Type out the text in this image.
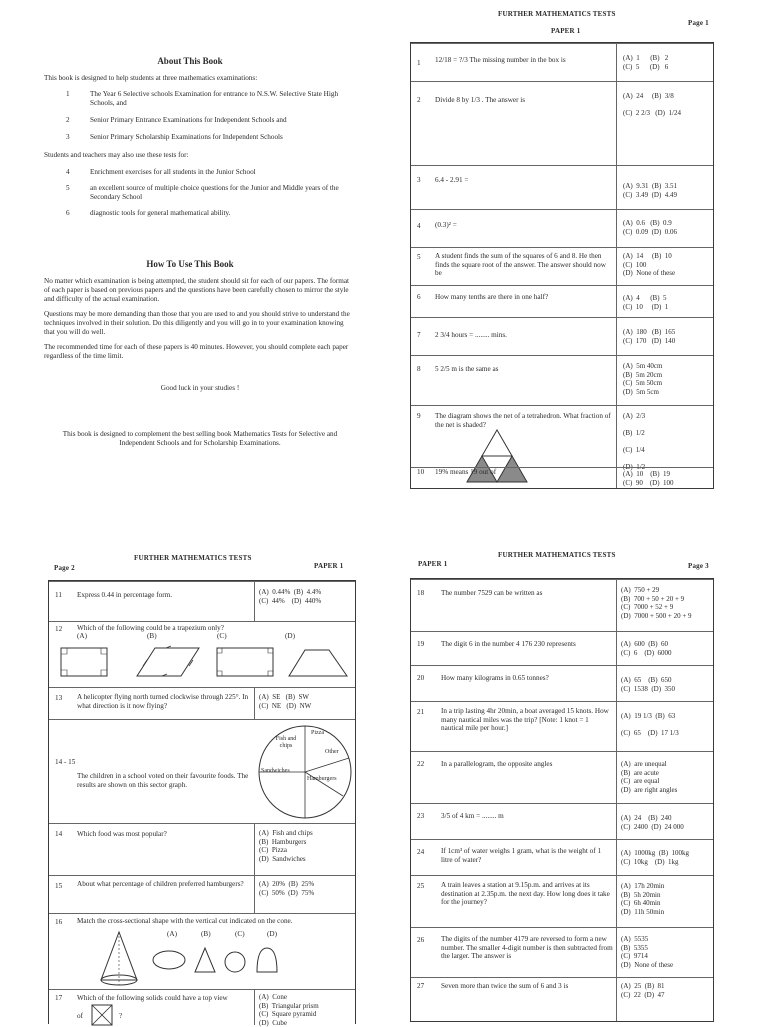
About This Book
This book is designed to help students at three mathematics examinations:
1	The Year 6 Selective schools Examination for entrance to N.S.W. Selective State High Schools, and
2	Senior Primary Entrance Examinations for Independent Schools and
3	Senior Primary Scholarship Examinations for Independent Schools
Students and teachers may also use these tests for:
4	Enrichment exercises for all students in the Junior School
5	an excellent source of multiple choice questions for the Junior and Middle years of the Secondary School
6	diagnostic tools for general mathematical ability.
How To Use This Book
No matter which examination is being attempted, the student should sit for each of our papers. The format of each paper is based on previous papers and the questions have been carefully chosen to mirror the style and difficulty of the actual examination.
Questions may be more demanding than those that you are used to and you should strive to understand the techniques involved in their solution. Do this diligently and you will go in to your examination knowing that you will do well.
The recommended time for each of these papers is 40 minutes. However, you should complete each paper regardless of the time limit.
Good luck in your studies !
This book is designed to complement the best selling book Mathematics Tests for Selective and Independent Schools and for Scholarship Examinations.
FURTHER MATHEMATICS TESTS
Page 1
PAPER 1
1 12/18 = ?/3 The missing number in the box is	(A)  1      (B)   2
(C)  5      (D)   6
2 Divide 8 by 1/3 . The answer is	(A)  24     (B)  3/8

(C)  2 2/3   (D)  1/24
3 6.4 - 2.91 =
(A)  9.31  (B)  3.51
(C)  3.49  (D)  4.49
4 (0.3)² =	(A)  0.6   (B)  0.9
(C)  0.09  (D)  0.06
5 A student finds the sum of the squares of 6 and 8. He then finds the square root of the answer. The answer should now be
(A)  14     (B)  10
(C)  100
(D)  None of these
6 How many tenths are there in one half?	(A)  4      (B)  5
(C)  10     (D)  1
7 2 3/4 hours = ........ mins.	(A)  180   (B)  165
(C)  170   (D)  140
8 5 2/5 m is the same as	(A)  5m 40cm
(B)  5m 20cm
(C)  5m 50cm
(D)  5m 5cm
9 The diagram shows the net of a tetrahedron. What fraction of the net is shaded?
(A)  2/3

(B)  1/2

(C)  1/4

(D)  1/2
10 19% means 19 out of	(A)  10    (B)  19
(C)  90    (D)  100
Page 2
FURTHER MATHEMATICS TESTS
PAPER 1
11 Express 0.44 in percentage form.	(A)  0.44%  (B)  4.4%
(C)  44%    (D)  440%
12 Which of the following could be a trapezium only?
(A)	(B)	(C)	(D)
13 A helicopter flying north turned clockwise through 225°. In what direction is it now flying?
(A)  SE   (B)  SW
(C)  NE   (D)  NW
14 - 15
The children in a school voted on their favourite foods. The results are shown on this sector graph.
Pizza
Other
Hamburgers
Sandwiches
Fish and chips
14 Which food was most popular?	(A)  Fish and chips
(B)  Hamburgers
(C)  Pizza
(D)  Sandwiches
15 About what percentage of children preferred hamburgers?	(A)  20%  (B)  25%
(C)  50%  (D)  75%
16 Match the cross-sectional shape with the vertical cut indicated on the cone.
(A)	(B)	(C)	(D)
17 Which of the following solids could have a top view
of	?
(A)  Cone
(B)  Triangular prism
(C)  Square pyramid
(D)  Cube
PAPER 1
FURTHER MATHEMATICS TESTS
Page 3
18 The number 7529 can be written as	(A)  750 + 29
(B)  700 + 50 + 20 + 9
(C)  7000 + 52 + 9
(D)  7000 + 500 + 20 + 9
19 The digit 6 in the number 4 176 230 represents	(A)  600  (B)  60
(C)  6    (D)  6000
20 How many kilograms in 0.65 tonnes?	(A)  65    (B)  650
(C)  1538  (D)  350
21 In a trip lasting 4hr 20min, a boat averaged 15 knots. How many nautical miles was the trip? [Note: 1 knot = 1 nautical mile per hour.]
(A)  19 1/3  (B)  63

(C)  65    (D)  17 1/3
22 In a parallelogram, the opposite angles	(A)  are unequal
(B)  are acute
(C)  are equal
(D)  are right angles
23 3/5 of 4 km = ........ m	(A)  24    (B)  240
(C)  2400  (D)  24 000
24 If 1cm³ of water weighs 1 gram, what is the weight of 1 litre of water?
(A)  1000kg  (B)  100kg
(C)  10kg    (D)  1kg
25 A train leaves a station at 9.15p.m. and arrives at its destination at 2.35p.m. the next day. How long does it take for the journey?
(A)  17h 20min
(B)  5h 20min
(C)  6h 40min
(D)  11h 50min
26 The digits of the number 4179 are reversed to form a new number. The smaller 4-digit number is then subtracted from the larger. The answer is
(A)  5535
(B)  5355
(C)  9714
(D)  None of these
27 Seven more than twice the sum of 6 and 3 is	(A)  25  (B)  81
(C)  22  (D)  47
